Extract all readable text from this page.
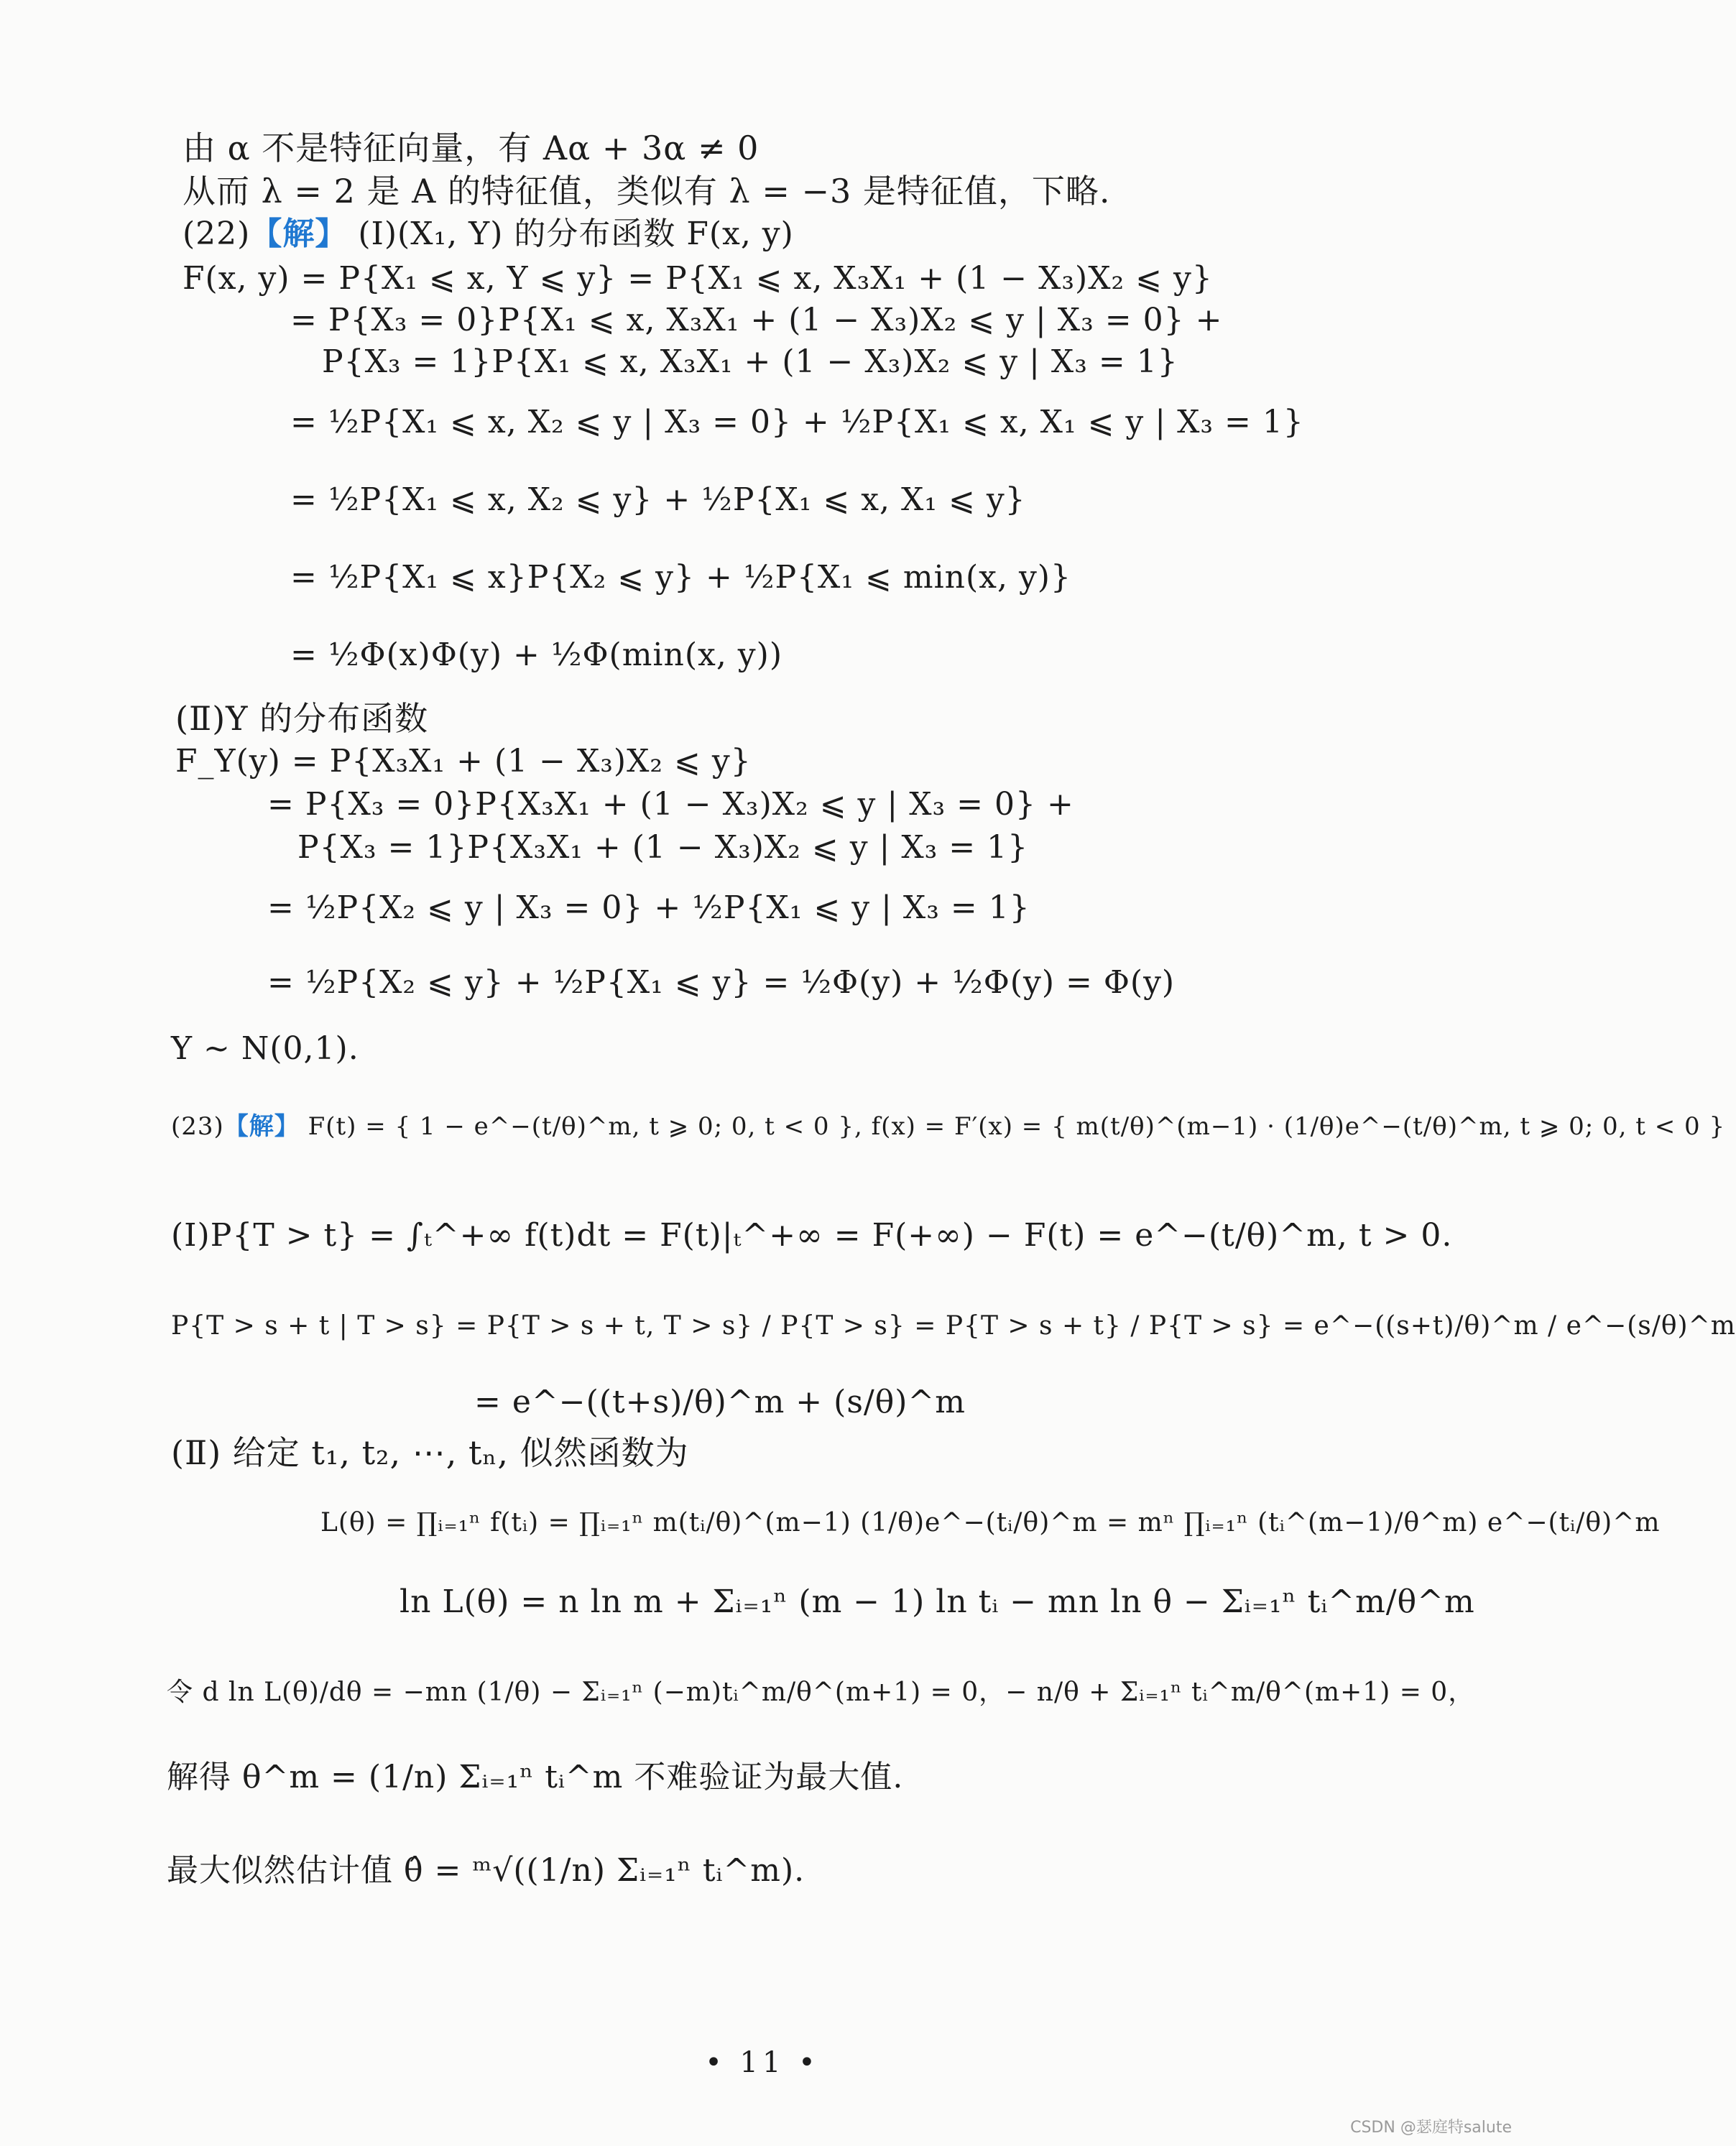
由 α 不是特征向量，有 Aα + 3α ≠ 0
从而 λ = 2 是 A 的特征值，类似有 λ = −3 是特征值，下略.
(22)【解】 (Ⅰ)(X₁, Y) 的分布函数 F(x, y)
F(x, y) = P{X₁ ⩽ x, Y ⩽ y} = P{X₁ ⩽ x, X₃X₁ + (1 − X₃)X₂ ⩽ y}
= P{X₃ = 0}P{X₁ ⩽ x, X₃X₁ + (1 − X₃)X₂ ⩽ y | X₃ = 0} +
P{X₃ = 1}P{X₁ ⩽ x, X₃X₁ + (1 − X₃)X₂ ⩽ y | X₃ = 1}
= ½P{X₁ ⩽ x, X₂ ⩽ y | X₃ = 0} + ½P{X₁ ⩽ x, X₁ ⩽ y | X₃ = 1}
= ½P{X₁ ⩽ x, X₂ ⩽ y} + ½P{X₁ ⩽ x, X₁ ⩽ y}
= ½P{X₁ ⩽ x}P{X₂ ⩽ y} + ½P{X₁ ⩽ min(x, y)}
= ½Φ(x)Φ(y) + ½Φ(min(x, y))
(Ⅱ)Y 的分布函数
F_Y(y) = P{X₃X₁ + (1 − X₃)X₂ ⩽ y}
= P{X₃ = 0}P{X₃X₁ + (1 − X₃)X₂ ⩽ y | X₃ = 0} +
P{X₃ = 1}P{X₃X₁ + (1 − X₃)X₂ ⩽ y | X₃ = 1}
= ½P{X₂ ⩽ y | X₃ = 0} + ½P{X₁ ⩽ y | X₃ = 1}
= ½P{X₂ ⩽ y} + ½P{X₁ ⩽ y} = ½Φ(y) + ½Φ(y) = Φ(y)
Y ~ N(0,1).
(23)【解】 F(t) = { 1 − e^−(t/θ)^m, t ⩾ 0; 0, t < 0 }, f(x) = F′(x) = { m(t/θ)^(m−1) · (1/θ)e^−(t/θ)^m, t ⩾ 0; 0, t < 0 }
(Ⅰ)P{T > t} = ∫ₜ^+∞ f(t)dt = F(t)|ₜ^+∞ = F(+∞) − F(t) = e^−(t/θ)^m, t > 0.
P{T > s + t | T > s} = P{T > s + t, T > s} / P{T > s} = P{T > s + t} / P{T > s} = e^−((s+t)/θ)^m / e^−(s/θ)^m
= e^−((t+s)/θ)^m + (s/θ)^m
(Ⅱ) 给定 t₁, t₂, ⋯, tₙ, 似然函数为
L(θ) = ∏ᵢ₌₁ⁿ f(tᵢ) = ∏ᵢ₌₁ⁿ m(tᵢ/θ)^(m−1) (1/θ)e^−(tᵢ/θ)^m = mⁿ ∏ᵢ₌₁ⁿ (tᵢ^(m−1)/θ^m) e^−(tᵢ/θ)^m
ln L(θ) = n ln m + Σᵢ₌₁ⁿ (m − 1) ln tᵢ − mn ln θ − Σᵢ₌₁ⁿ tᵢ^m/θ^m
令 d ln L(θ)/dθ = −mn (1/θ) − Σᵢ₌₁ⁿ (−m)tᵢ^m/θ^(m+1) = 0，− n/θ + Σᵢ₌₁ⁿ tᵢ^m/θ^(m+1) = 0，
解得 θ^m = (1/n) Σᵢ₌₁ⁿ tᵢ^m 不难验证为最大值.
最大似然估计值 θ̂ = ᵐ√((1/n) Σᵢ₌₁ⁿ tᵢ^m).
• 11 •
CSDN @瑟庭特salute
